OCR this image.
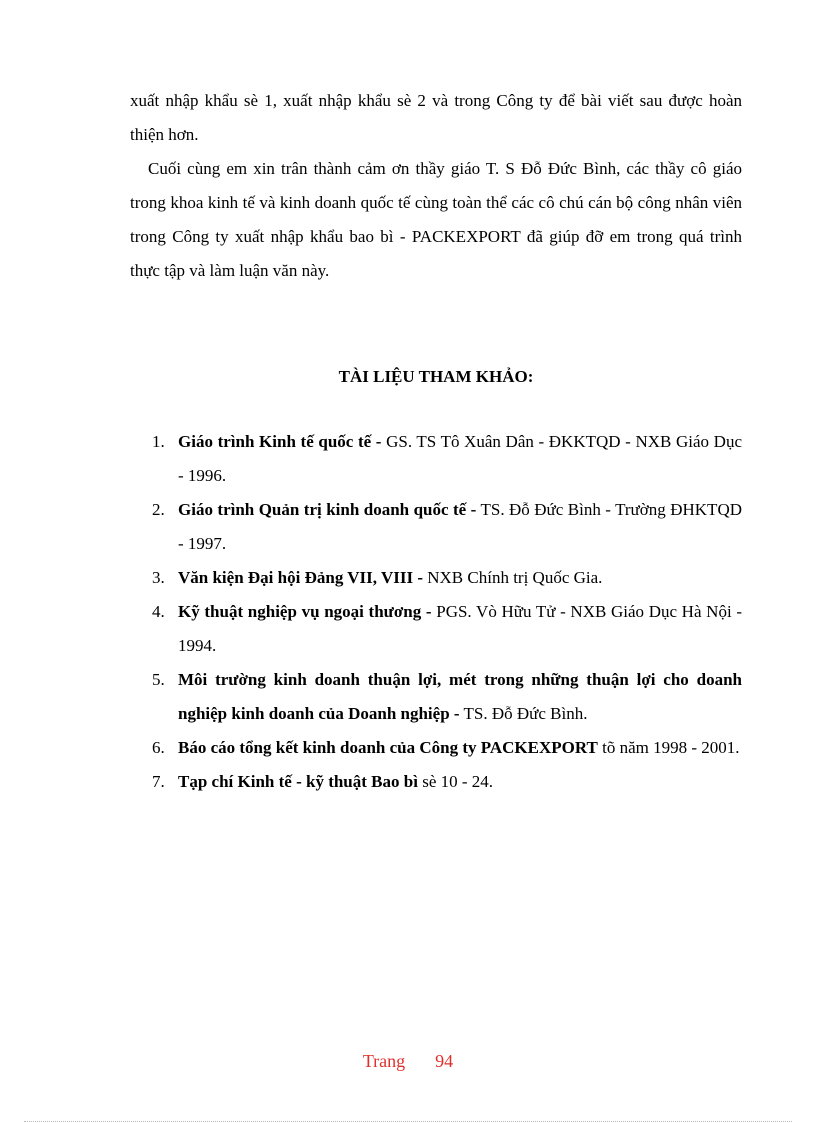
xuất nhập khẩu sè 1, xuất nhập khẩu sè 2 và trong Công ty để bài viết sau được hoàn thiện hơn.

Cuối cùng em xin trân thành cảm ơn thầy giáo T. S Đỗ Đức Bình, các thầy cô giáo trong khoa kinh tế và kinh doanh quốc tế cùng toàn thể các cô chú cán bộ công nhân viên trong Công ty xuất nhập khẩu bao bì - PACKEXPORT đã giúp đỡ em trong quá trình thực tập và làm luận văn này.

TÀI LIỆU THAM KHẢO:
1. Giáo trình Kinh tế quốc tế - GS. TS Tô Xuân Dân - ĐKKTQD - NXB Giáo Dục - 1996.
2. Giáo trình Quản trị kinh doanh quốc tế - TS. Đỗ Đức Bình - Trường ĐHKTQD - 1997.
3. Văn kiện Đại hội Đảng VII, VIII - NXB Chính trị Quốc Gia.
4. Kỹ thuật nghiệp vụ ngoại thương - PGS. Vò Hữu Tử - NXB Giáo Dục Hà Nội - 1994.
5. Môi trường kinh doanh thuận lợi, mét trong những thuận lợi cho doanh nghiệp kinh doanh của Doanh nghiệp - TS. Đỗ Đức Bình.
6. Báo cáo tổng kết kinh doanh của Công ty PACKEXPORT tõ năm 1998 - 2001.
7. Tạp chí Kinh tế - kỹ thuật Bao bì sè 10 - 24.
Trang 94
